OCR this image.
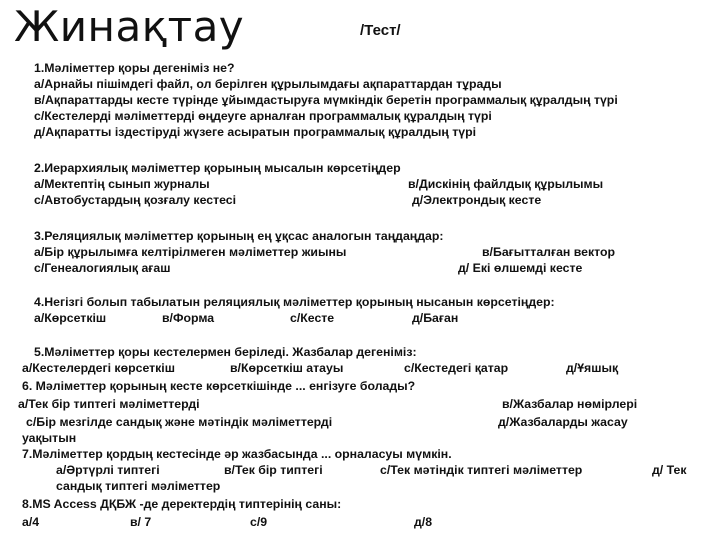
Жинақтау	/Тест/
1.Мәліметтер қоры дегеніміз не?
а/Арнайы пішімдегі файл, ол берілген құрылымдағы ақпараттардан тұрады
в/Ақпараттарды кесте түрінде ұйымдастыруға мүмкіндік беретін программалық құралдың түрі
с/Кестелерді мәліметтерді өңдеуге арналған программалық құралдың түрі
д/Ақпаратты іздестіруді жүзеге асыратын программалық құралдың түрі
2.Иерархиялық мәліметтер қорының мысалын көрсетіңдер
а/Мектептің сынып журналы	в/Дискінің файлдық құрылымы
с/Автобустардың қозғалу кестесі	д/Электрондық кесте
3.Реляциялық мәліметтер қорының ең ұқсас аналогын таңдаңдар:
а/Бір құрылымға келтірілмеген мәліметтер жиыны	в/Бағытталған вектор
с/Генеалогиялық ағаш	д/ Екі өлшемді кесте
4.Негізгі болып табылатын реляциялық мәліметтер қорының нысанын көрсетіңдер:
а/Көрсеткіш	в/Форма	с/Кесте	д/Баған
5.Мәліметтер қоры кестелермен беріледі. Жазбалар дегеніміз:
а/Кестелердегі көрсеткіш	в/Көрсеткіш атауы	с/Кестедегі қатар	д/Ұяшық
6. Мәліметтер қорының кесте көрсеткішінде ... енгізуге болады?
а/Тек бір типтегі мәліметтерді	в/Жазбалар нөмірлері
с/Бір мезгілде сандық және мәтіндік мәліметтерді	д/Жазбаларды жасау
уақытын
7.Мәліметтер қордың кестесінде әр жазбасында ... орналасуы мүмкін.
а/Әртүрлі типтегі	в/Тек бір типтегі	с/Тек мәтіндік типтегі мәліметтер	д/ Тек
сандық типтегі мәліметтер
8.MS Access ДҚБЖ -де деректердің типтерінің саны:
а/4	в/ 7	с/9	д/8
